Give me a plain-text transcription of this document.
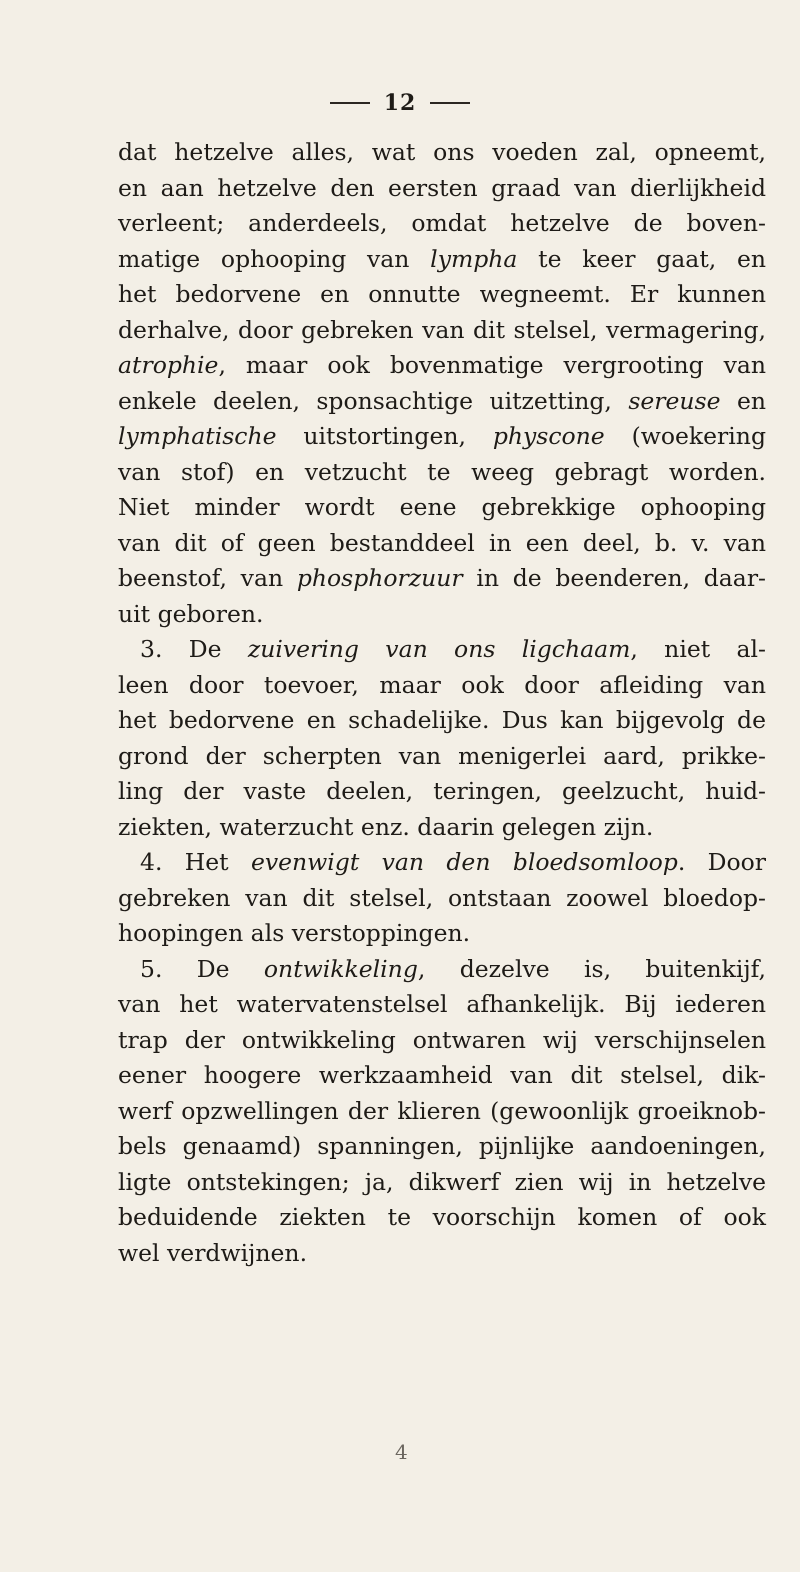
12
dat hetzelve alles, wat ons voeden zal, opneemt,
en aan hetzelve den eersten graad van dierlijkheid
verleent; anderdeels, omdat hetzelve de boven-
matige ophooping van lympha te keer gaat, en
het bedorvene en onnutte wegneemt. Er kunnen
derhalve, door gebreken van dit stelsel, vermagering,
atrophie, maar ook bovenmatige vergrooting van
enkele deelen, sponsachtige uitzetting, sereuse en
lymphatische uitstortingen, physcone (woekering
van stof) en vetzucht te weeg gebragt worden.
Niet minder wordt eene gebrekkige ophooping
van dit of geen bestanddeel in een deel, b. v. van
beenstof, van phosphorzuur in de beenderen, daar-
uit geboren.
3. De zuivering van ons ligchaam, niet al-
leen door toevoer, maar ook door afleiding van
het bedorvene en schadelijke. Dus kan bijgevolg de
grond der scherpten van menigerlei aard, prikke-
ling der vaste deelen, teringen, geelzucht, huid-
ziekten, waterzucht enz. daarin gelegen zijn.
4. Het evenwigt van den bloedsomloop. Door
gebreken van dit stelsel, ontstaan zoowel bloedop-
hoopingen als verstoppingen.
5. De ontwikkeling, dezelve is, buitenkijf,
van het watervatenstelsel afhankelijk. Bij iederen
trap der ontwikkeling ontwaren wij verschijnselen
eener hoogere werkzaamheid van dit stelsel, dik-
werf opzwellingen der klieren (gewoonlijk groeiknob-
bels genaamd) spanningen, pijnlijke aandoeningen,
ligte ontstekingen; ja, dikwerf zien wij in hetzelve
beduidende ziekten te voorschijn komen of ook
wel verdwijnen.
4
